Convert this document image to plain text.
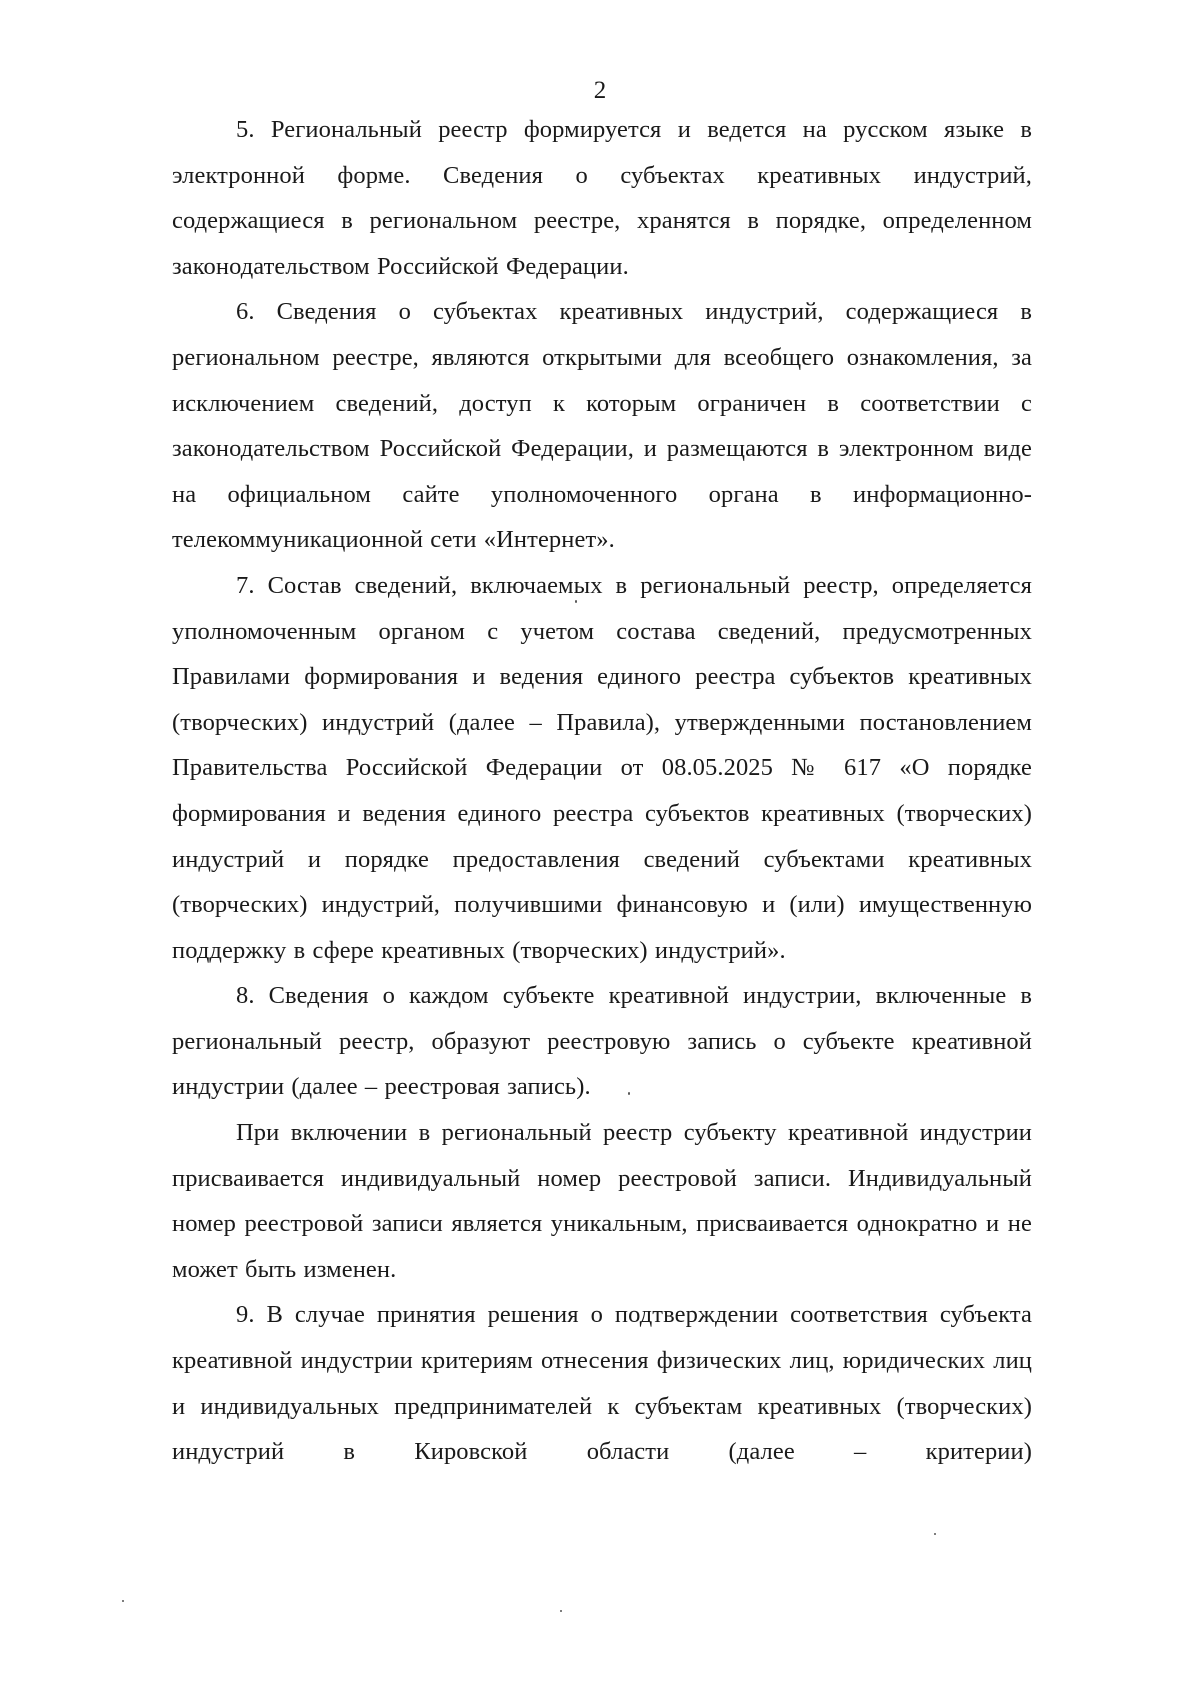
2

5. Региональный реестр формируется и ведется на русском языке в электронной форме. Сведения о субъектах креативных индустрий, содержащиеся в региональном реестре, хранятся в порядке, определенном законодательством Российской Федерации.

6. Сведения о субъектах креативных индустрий, содержащиеся в региональном реестре, являются открытыми для всеобщего ознакомления, за исключением сведений, доступ к которым ограничен в соответствии с законодательством Российской Федерации, и размещаются в электронном виде на официальном сайте уполномоченного органа в информационно-телекоммуникационной сети «Интернет».

7. Состав сведений, включаемых в региональный реестр, определяется уполномоченным органом с учетом состава сведений, предусмотренных Правилами формирования и ведения единого реестра субъектов креативных (творческих) индустрий (далее – Правила), утвержденными постановлением Правительства Российской Федерации от 08.05.2025 № 617 «О порядке формирования и ведения единого реестра субъектов креативных (творческих) индустрий и порядке предоставления сведений субъектами креативных (творческих) индустрий, получившими финансовую и (или) имущественную поддержку в сфере креативных (творческих) индустрий».

8. Сведения о каждом субъекте креативной индустрии, включенные в региональный реестр, образуют реестровую запись о субъекте креативной индустрии (далее – реестровая запись).

При включении в региональный реестр субъекту креативной индустрии присваивается индивидуальный номер реестровой записи. Индивидуальный номер реестровой записи является уникальным, присваивается однократно и не может быть изменен.

9. В случае принятия решения о подтверждении соответствия субъекта креативной индустрии критериям отнесения физических лиц, юридических лиц и индивидуальных предпринимателей к субъектам креативных (творческих) индустрий в Кировской области (далее – критерии)
